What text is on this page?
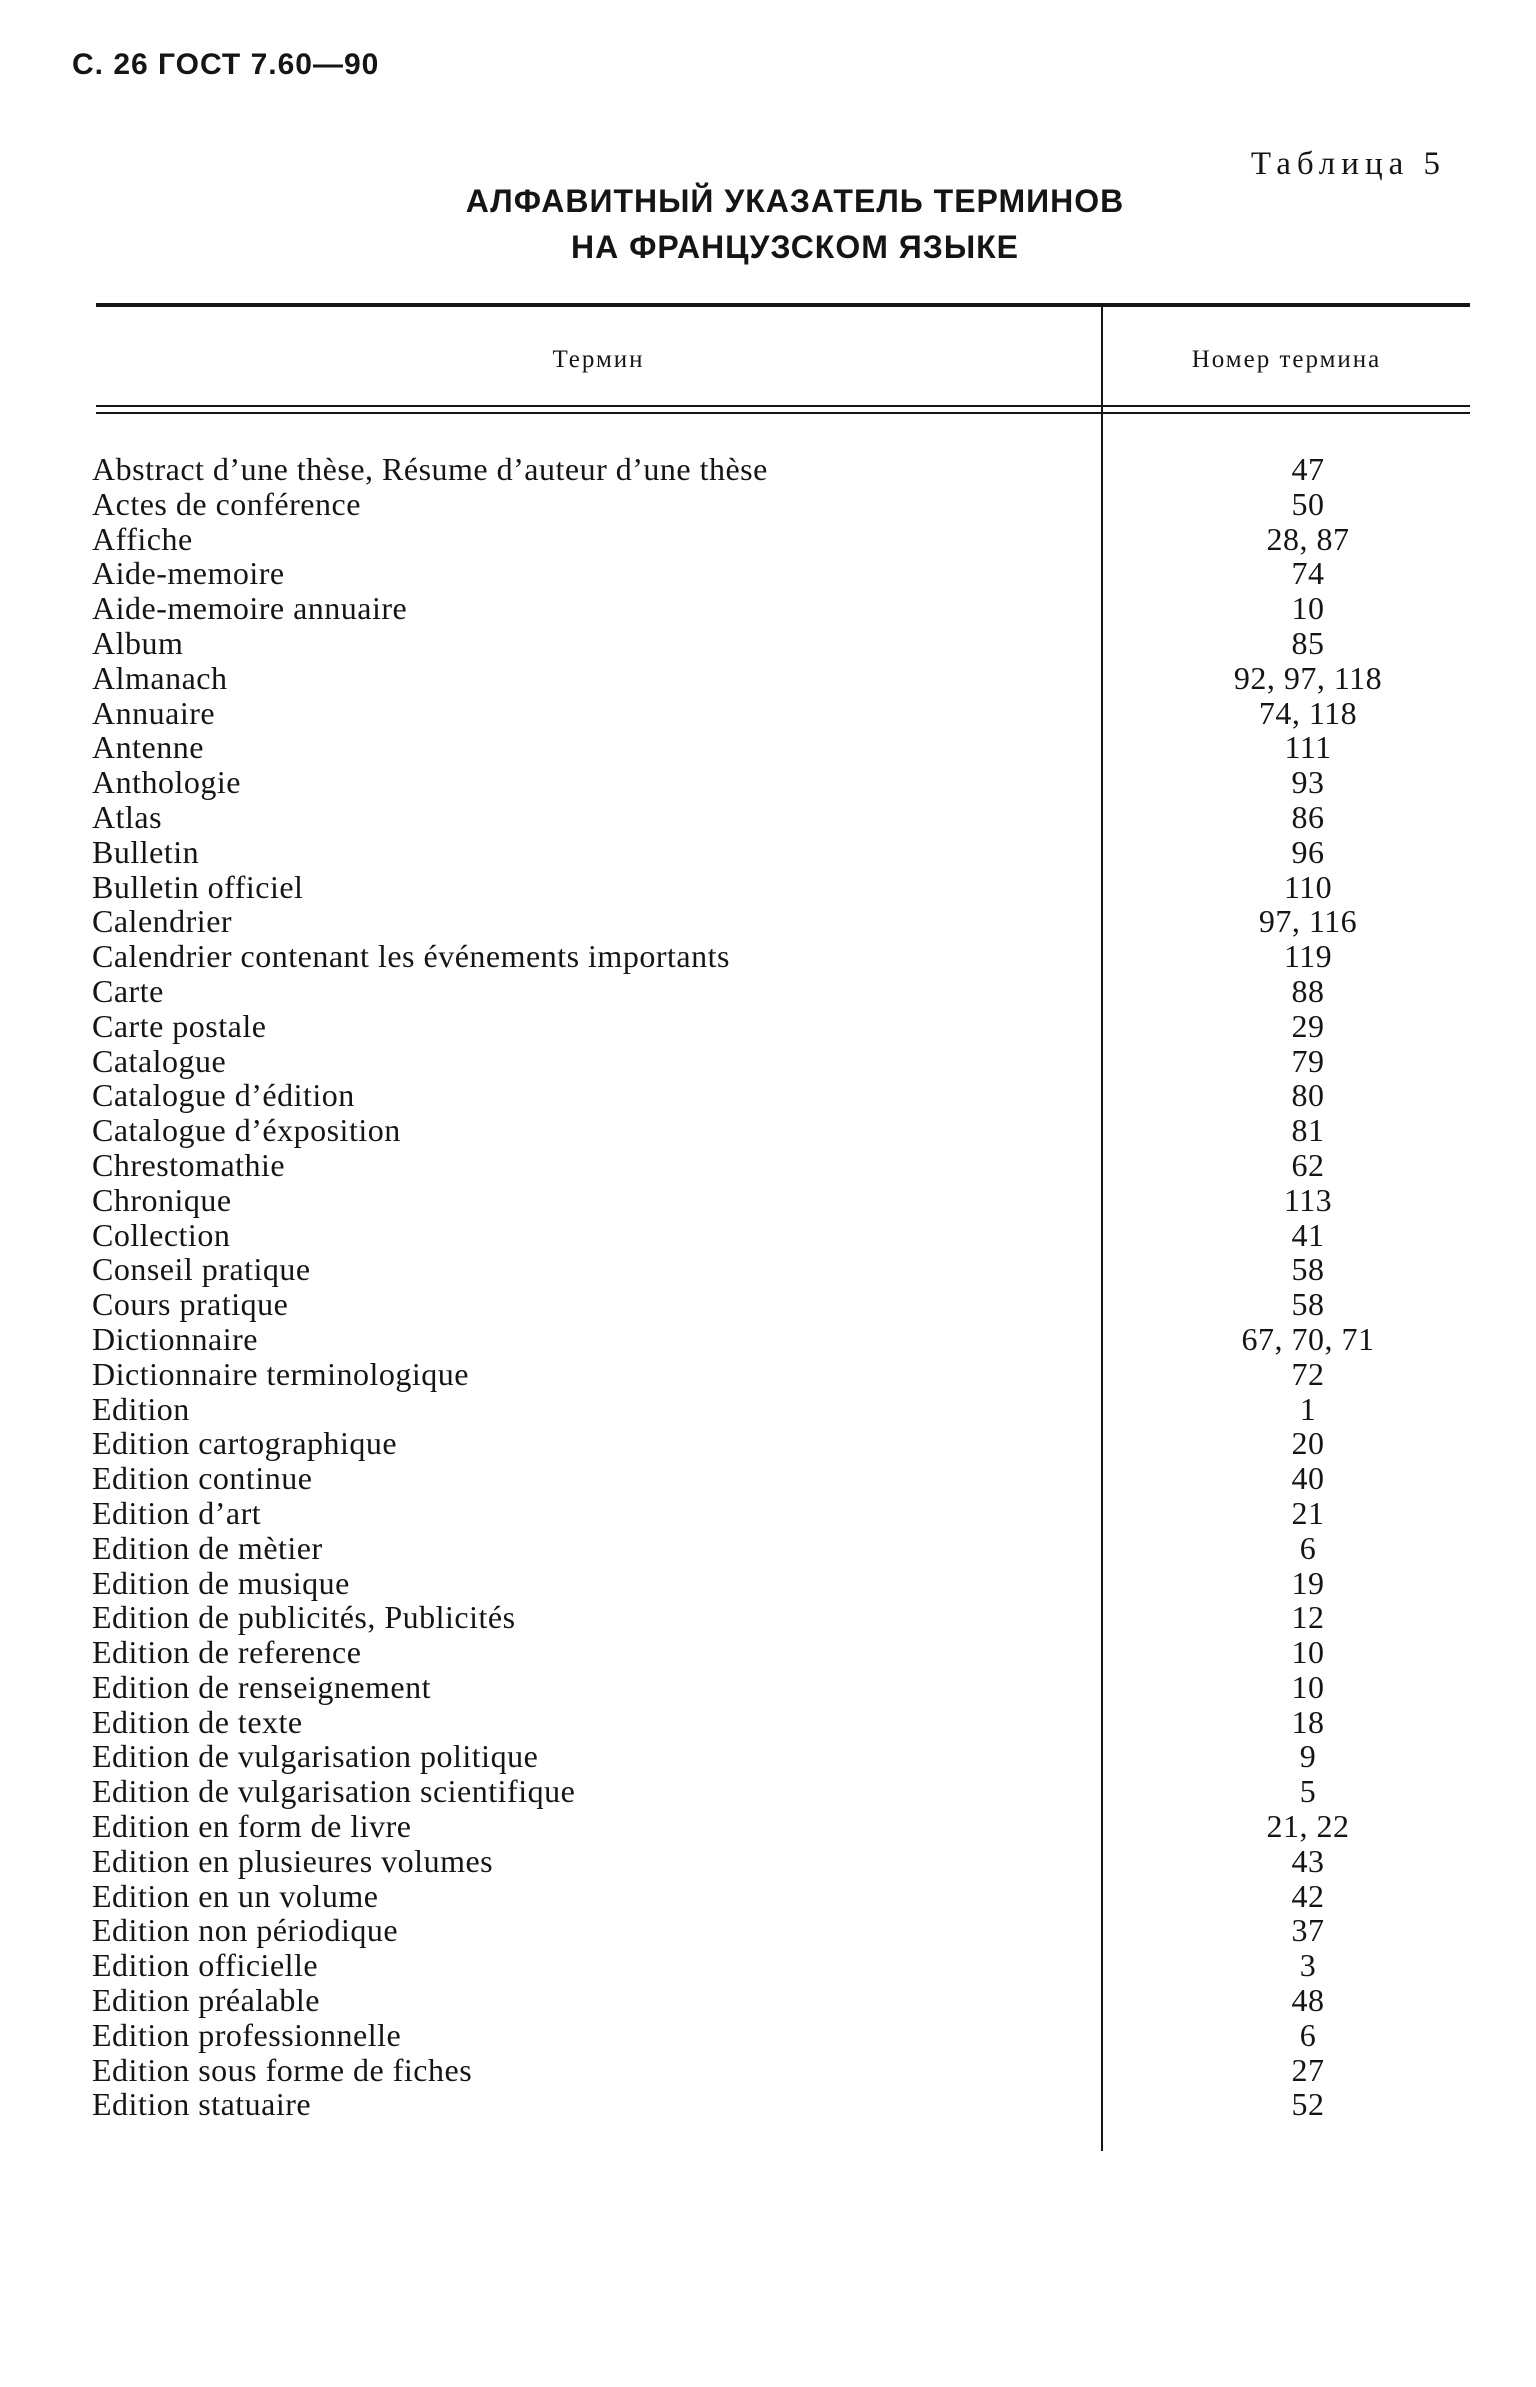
С. 26 ГОСТ 7.60—90
Таблица 5
АЛФАВИТНЫЙ УКАЗАТЕЛЬ ТЕРМИНОВ
НА ФРАНЦУЗСКОМ ЯЗЫКЕ
Термин	Номер термина
Abstract d’une thèse, Résume d’auteur d’une thèse	47
Actes de conférence	50
Affiche	28, 87
Aide-memoire	74
Aide-memoire annuaire	10
Album	85
Almanach	92, 97, 118
Annuaire	74, 118
Antenne	111
Anthologie	93
Atlas	86
Bulletin	96
Bulletin officiel	110
Calendrier	97, 116
Calendrier contenant les événements importants	119
Carte	88
Carte postale	29
Catalogue	79
Catalogue d’édition	80
Catalogue d’éxposition	81
Chrestomathie	62
Chronique	113
Collection	41
Conseil pratique	58
Cours pratique	58
Dictionnaire	67, 70, 71
Dictionnaire terminologique	72
Edition	1
Edition cartographique	20
Edition continue	40
Edition d’art	21
Edition de mètier	6
Edition de musique	19
Edition de publicités, Publicités	12
Edition de reference	10
Edition de renseignement	10
Edition de texte	18
Edition de vulgarisation politique	9
Edition de vulgarisation scientifique	5
Edition en form de livre	21, 22
Edition en plusieures volumes	43
Edition en un volume	42
Edition non périodique	37
Edition officielle	3
Edition préalable	48
Edition professionnelle	6
Edition sous forme de fiches	27
Edition statuaire	52
